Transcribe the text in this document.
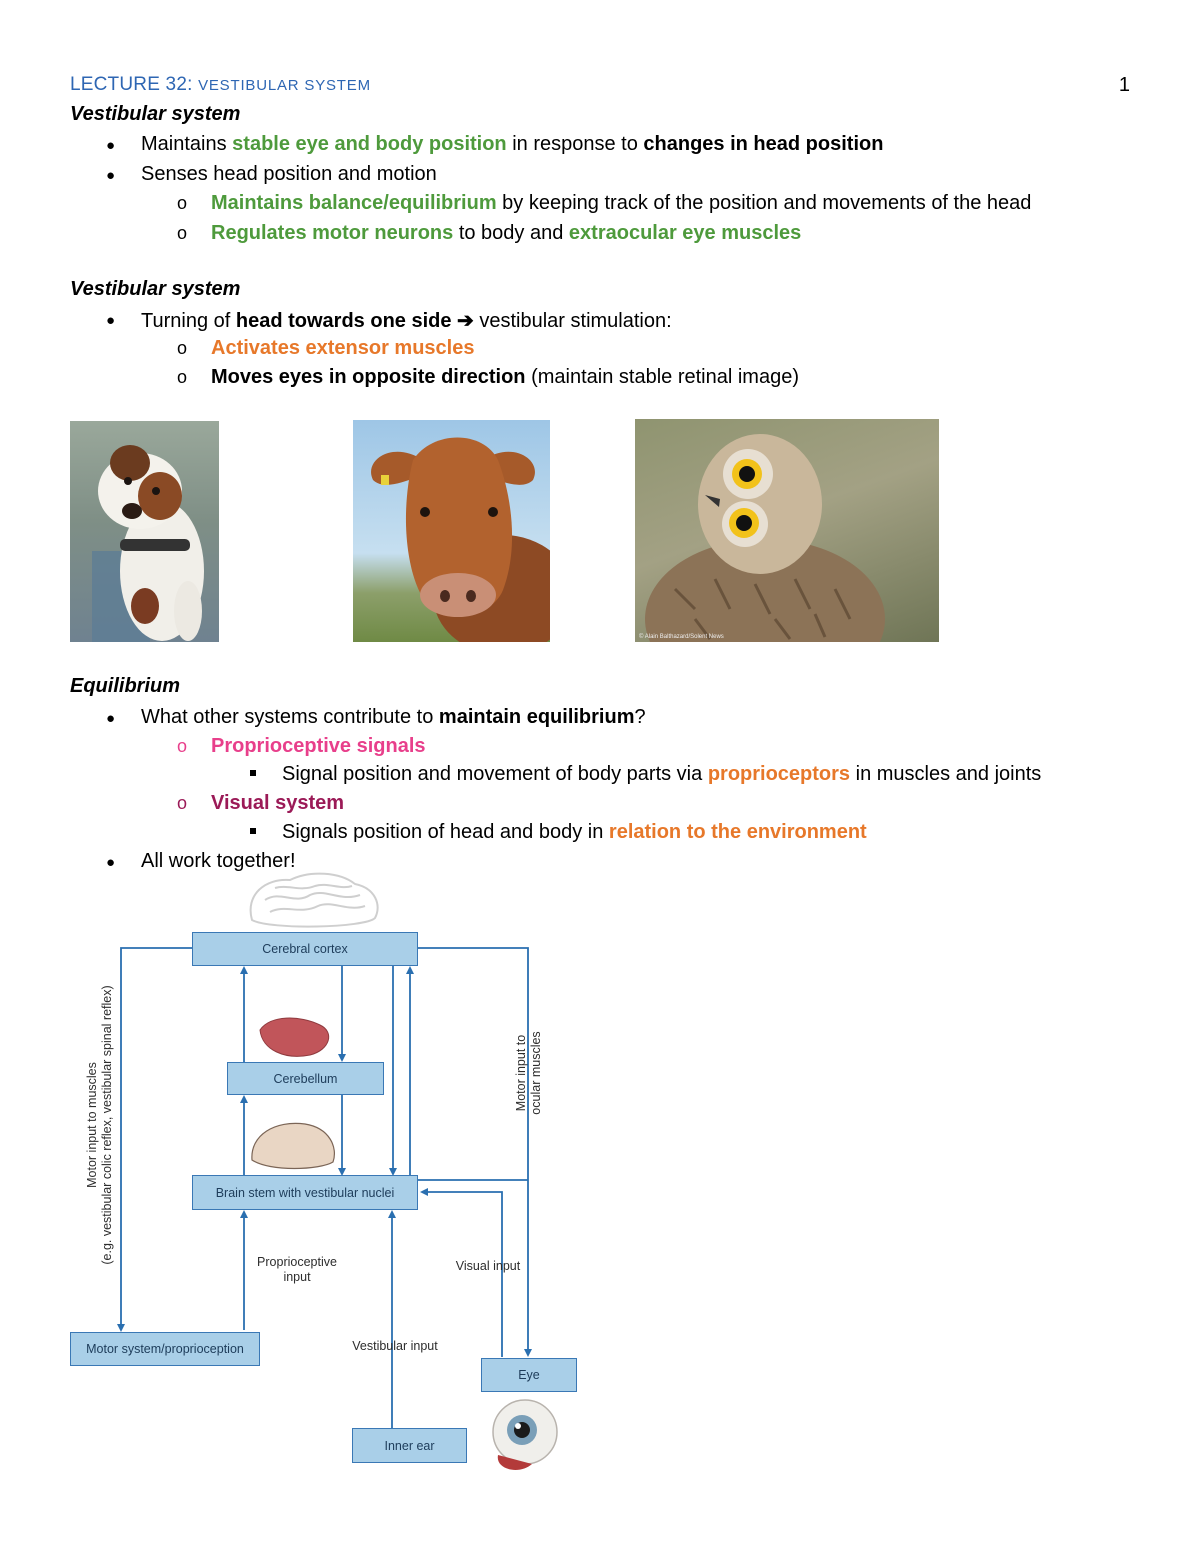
LECTURE 32: VESTIBULAR SYSTEM	1
Vestibular system
● Maintains stable eye and body position in response to changes in head position
● Senses head position and motion
o Maintains balance/equilibrium by keeping track of the position and movements of the head
o Regulates motor neurons to body and extraocular eye muscles
Vestibular system
● Turning of head towards one side ➔ vestibular stimulation:
o Activates extensor muscles
o Moves eyes in opposite direction (maintain stable retinal image)
© Alain Balthazard/Solent News
Equilibrium
● What other systems contribute to maintain equilibrium?
o Proprioceptive signals
Signal position and movement of body parts via proprioceptors in muscles and joints
o Visual system
Signals position of head and body in relation to the environment
● All work together!
Cerebral cortex
Cerebellum
Brain stem with vestibular nuclei
Motor system/proprioception
Eye
Inner ear
Proprioceptive input
Vestibular input
Visual input
Motor input to muscles (e.g. vestibular colic reflex, vestibular spinal reflex)	Motor input to ocular muscles
